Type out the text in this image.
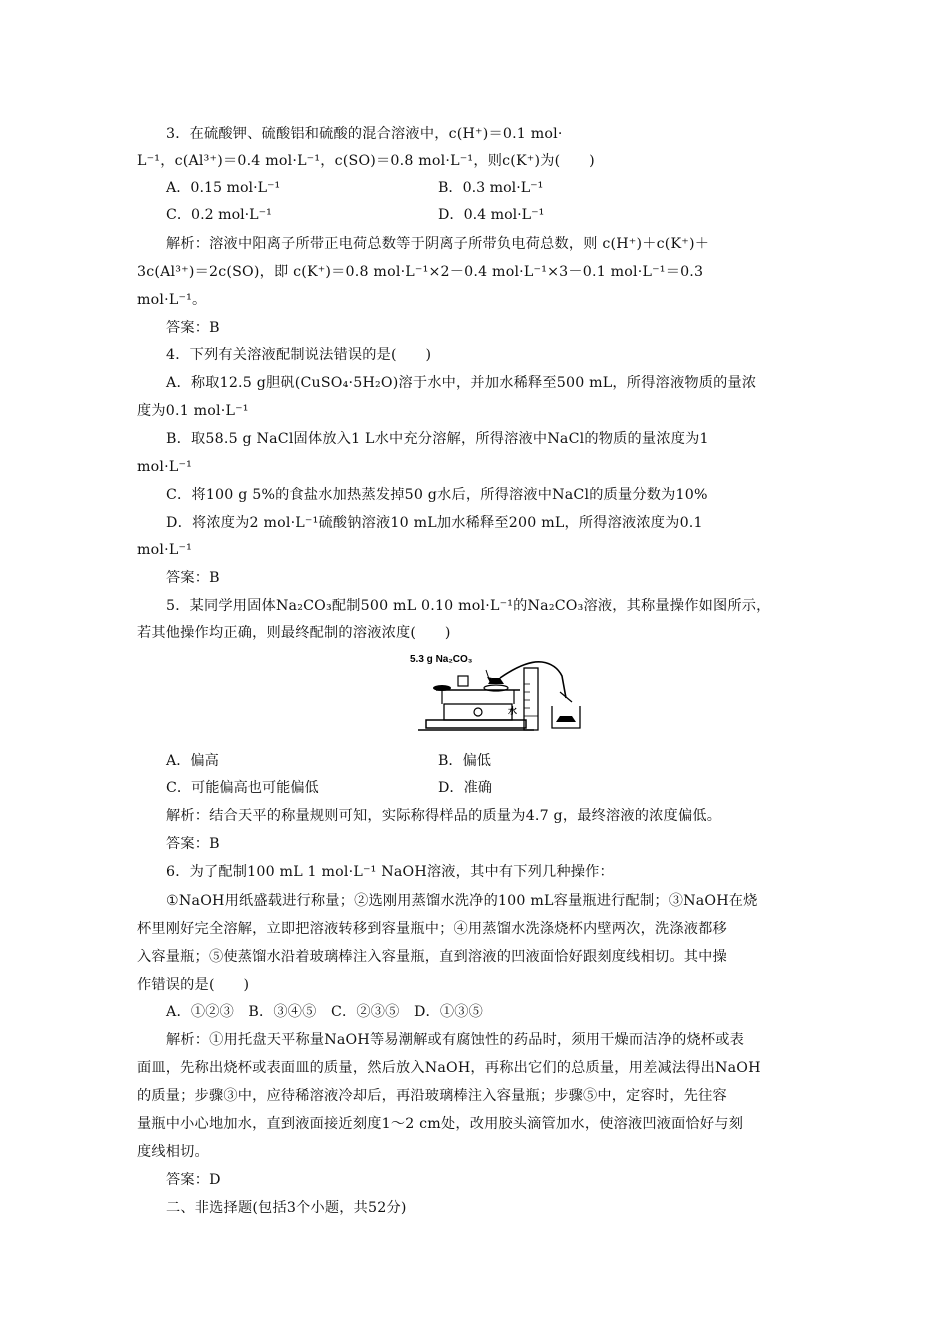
3．在硫酸钾、硫酸铝和硫酸的混合溶液中，c(H⁺)＝0.1 mol·
L⁻¹，c(Al³⁺)＝0.4 mol·L⁻¹，c(SO)＝0.8 mol·L⁻¹，则c(K⁺)为(　　)
A．0.15 mol·L⁻¹	B．0.3 mol·L⁻¹
C．0.2 mol·L⁻¹	D．0.4 mol·L⁻¹
解析：溶液中阳离子所带正电荷总数等于阴离子所带负电荷总数，则 c(H⁺)＋c(K⁺)＋
3c(Al³⁺)＝2c(SO)，即 c(K⁺)＝0.8 mol·L⁻¹×2－0.4 mol·L⁻¹×3－0.1 mol·L⁻¹＝0.3
mol·L⁻¹。
答案：B
4．下列有关溶液配制说法错误的是(　　)
A．称取12.5 g胆矾(CuSO₄·5H₂O)溶于水中，并加水稀释至500 mL，所得溶液物质的量浓
度为0.1 mol·L⁻¹
B．取58.5 g NaCl固体放入1 L水中充分溶解，所得溶液中NaCl的物质的量浓度为1
mol·L⁻¹
C．将100 g 5%的食盐水加热蒸发掉50 g水后，所得溶液中NaCl的质量分数为10%
D．将浓度为2 mol·L⁻¹硫酸钠溶液10 mL加水稀释至200 mL，所得溶液浓度为0.1
mol·L⁻¹
答案：B
5．某同学用固体Na₂CO₃配制500 mL 0.10 mol·L⁻¹的Na₂CO₃溶液，其称量操作如图所示，
若其他操作均正确，则最终配制的溶液浓度(　　)
5.3 g Na₂CO₃
水
A．偏高	B．偏低
C．可能偏高也可能偏低	D．准确
解析：结合天平的称量规则可知，实际称得样品的质量为4.7 g，最终溶液的浓度偏低。
答案：B
6．为了配制100 mL 1 mol·L⁻¹ NaOH溶液，其中有下列几种操作：
①NaOH用纸盛载进行称量；②选刚用蒸馏水洗净的100 mL容量瓶进行配制；③NaOH在烧
杯里刚好完全溶解，立即把溶液转移到容量瓶中；④用蒸馏水洗涤烧杯内壁两次，洗涤液都移
入容量瓶；⑤使蒸馏水沿着玻璃棒注入容量瓶，直到溶液的凹液面恰好跟刻度线相切。其中操
作错误的是(　　)
A．①②③　B．③④⑤　C．②③⑤　D．①③⑤
解析：①用托盘天平称量NaOH等易潮解或有腐蚀性的药品时，须用干燥而洁净的烧杯或表
面皿，先称出烧杯或表面皿的质量，然后放入NaOH，再称出它们的总质量，用差减法得出NaOH
的质量；步骤③中，应待稀溶液冷却后，再沿玻璃棒注入容量瓶；步骤⑤中，定容时，先往容
量瓶中小心地加水，直到液面接近刻度1～2 cm处，改用胶头滴管加水，使溶液凹液面恰好与刻
度线相切。
答案：D
二、非选择题(包括3个小题，共52分)
